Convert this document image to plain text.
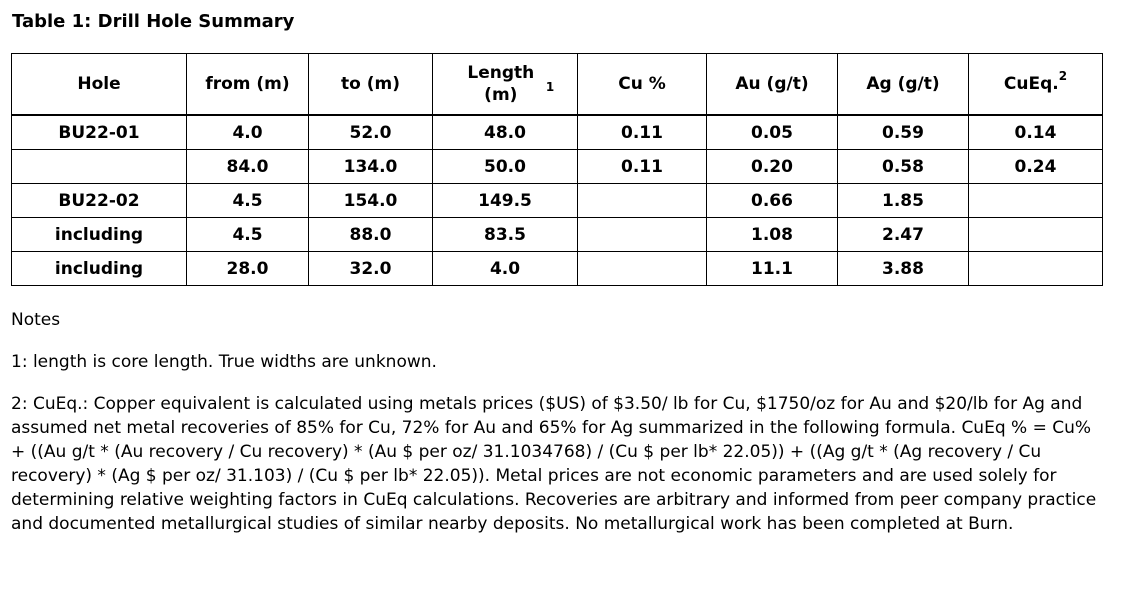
Table 1: Drill Hole Summary
Hole	from (m)	to (m)	Length (m) $^1$	Cu %	Au (g/t)	Ag (g/t)	CuEq.$^2$
BU22-01	4.0	52.0	48.0	0.11	0.05	0.59	0.14
	84.0	134.0	50.0	0.11	0.20	0.58	0.24
BU22-02	4.5	154.0	149.5		0.66	1.85	
including	4.5	88.0	83.5		1.08	2.47	
including	28.0	32.0	4.0		11.1	3.88	

Notes

1: length is core length. True widths are unknown.

2: CuEq.: Copper equivalent is calculated using metals prices ($US) of $3.50/ lb for Cu, $1750/oz for Au and $20/lb for Ag and assumed net metal recoveries of 85% for Cu, 72% for Au and 65% for Ag summarized in the following formula. CuEq % = Cu% + ((Au g/t * (Au recovery / Cu recovery) * (Au $ per oz/ 31.1034768) / (Cu $ per lb* 22.05)) + ((Ag g/t * (Ag recovery / Cu recovery) * (Ag $ per oz/ 31.103) / (Cu $ per lb* 22.05)). Metal prices are not economic parameters and are used solely for determining relative weighting factors in CuEq calculations. Recoveries are arbitrary and informed from peer company practice and documented metallurgical studies of similar nearby deposits. No metallurgical work has been completed at Burn.
